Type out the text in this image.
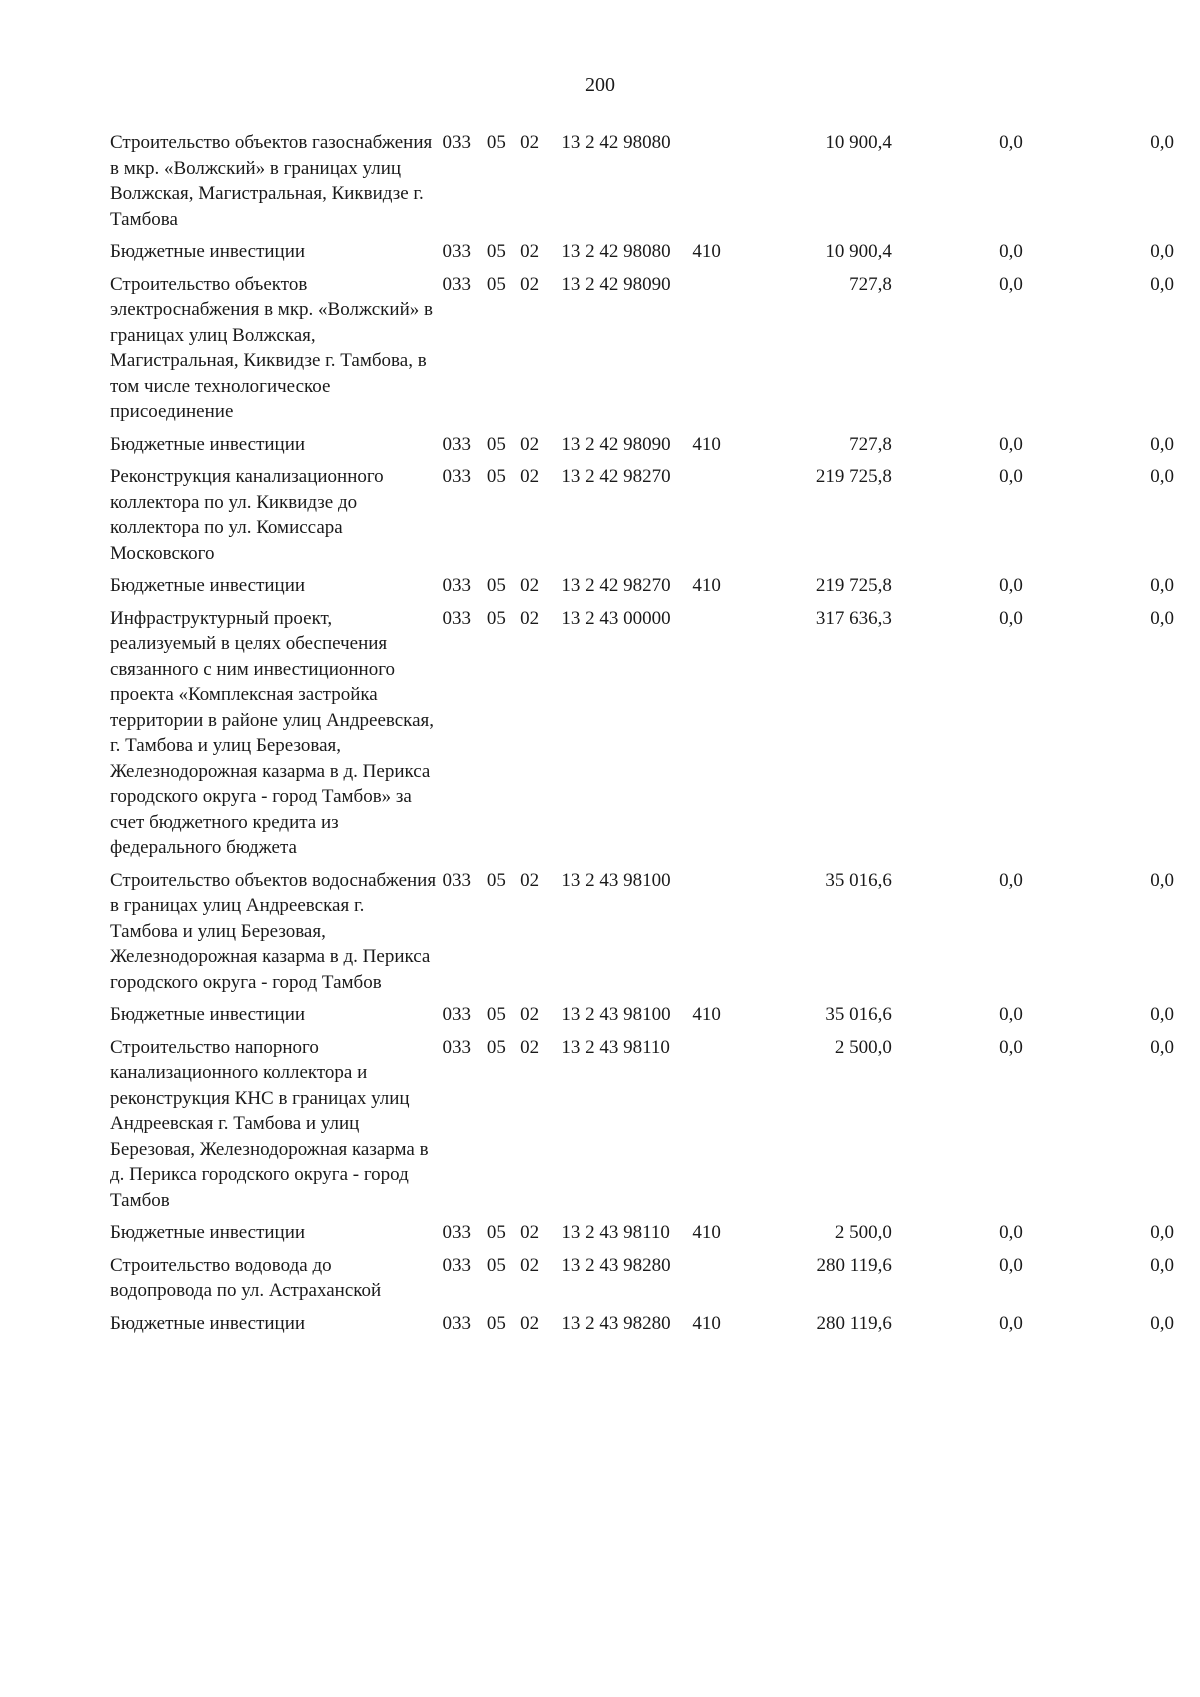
200
Строительство объектов газоснабжения в мкр. «Волжский» в границах улиц Волжская, Магистральная, Киквидзе г. Тамбова	033	05	02	13 2 42 98080		10 900,4	0,0	0,0
Бюджетные инвестиции	033	05	02	13 2 42 98080	410	10 900,4	0,0	0,0
Строительство объектов электроснабжения в мкр. «Волжский» в границах улиц Волжская, Магистральная, Киквидзе г. Тамбова, в том числе технологическое присоединение	033	05	02	13 2 42 98090		727,8	0,0	0,0
Бюджетные инвестиции	033	05	02	13 2 42 98090	410	727,8	0,0	0,0
Реконструкция канализационного коллектора по ул. Киквидзе до коллектора по ул. Комиссара Московского	033	05	02	13 2 42 98270		219 725,8	0,0	0,0
Бюджетные инвестиции	033	05	02	13 2 42 98270	410	219 725,8	0,0	0,0
Инфраструктурный проект, реализуемый в целях обеспечения связанного с ним инвестиционного проекта «Комплексная застройка территории в районе улиц Андреевская, г. Тамбова и улиц Березовая, Железнодорожная казарма в д. Перикса городского округа - город Тамбов» за счет бюджетного кредита из федерального бюджета	033	05	02	13 2 43 00000		317 636,3	0,0	0,0
Строительство объектов водоснабжения в границах улиц Андреевская г. Тамбова и улиц Березовая, Железнодорожная казарма в д. Перикса городского округа - город Тамбов	033	05	02	13 2 43 98100		35 016,6	0,0	0,0
Бюджетные инвестиции	033	05	02	13 2 43 98100	410	35 016,6	0,0	0,0
Строительство напорного канализационного коллектора и реконструкция КНС в границах улиц Андреевская г. Тамбова и улиц Березовая, Железнодорожная казарма в д. Перикса городского округа - город Тамбов	033	05	02	13 2 43 98110		2 500,0	0,0	0,0
Бюджетные инвестиции	033	05	02	13 2 43 98110	410	2 500,0	0,0	0,0
Строительство водовода до водопровода по ул. Астраханской	033	05	02	13 2 43 98280		280 119,6	0,0	0,0
Бюджетные инвестиции	033	05	02	13 2 43 98280	410	280 119,6	0,0	0,0
